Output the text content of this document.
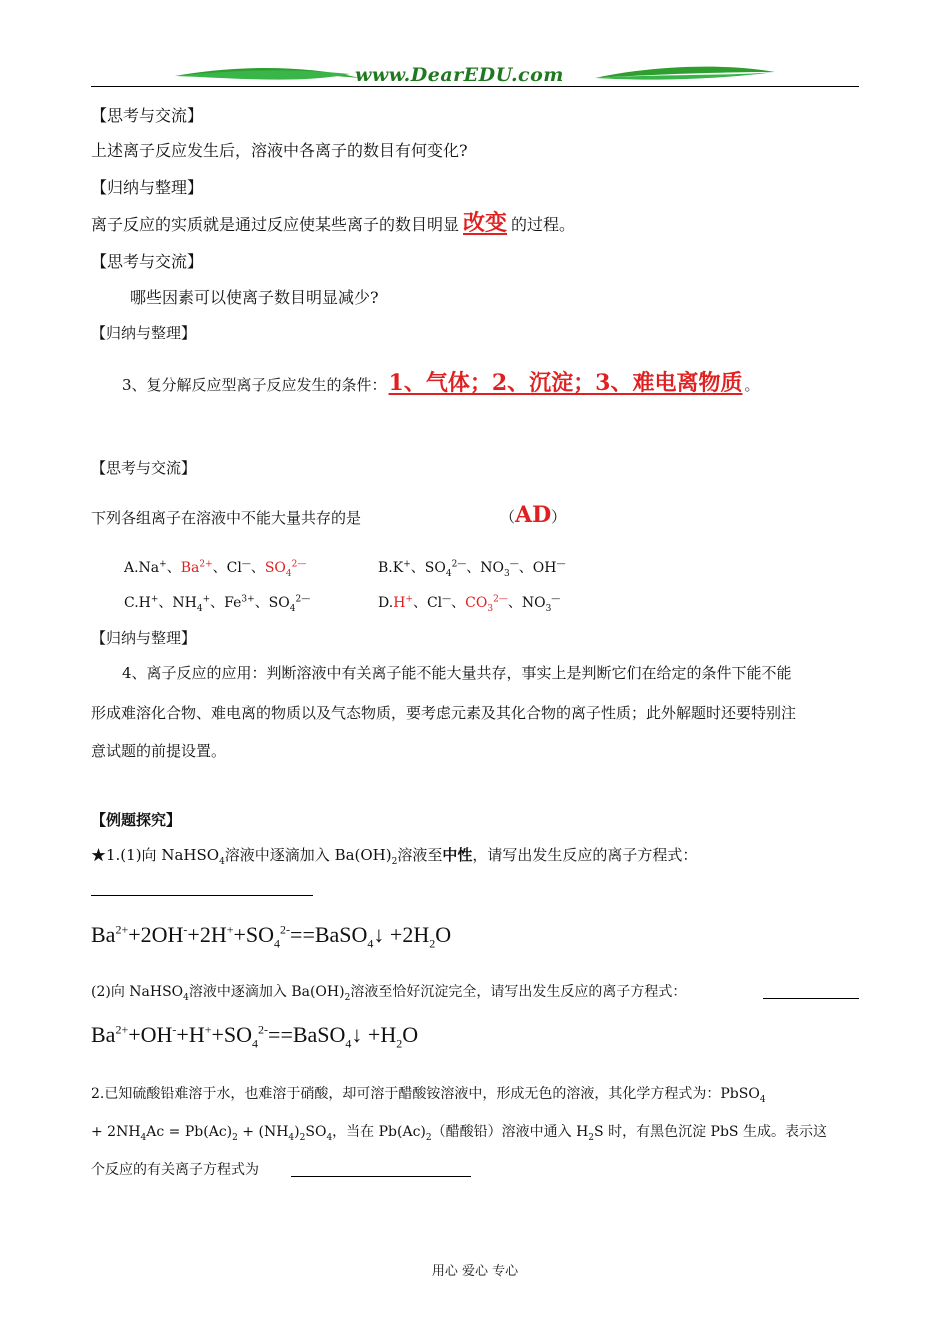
www.DearEDU.com
【思考与交流】
上述离子反应发生后，溶液中各离子的数目有何变化?
【归纳与整理】
离子反应的实质就是通过反应使某些离子的数目明显 改变 的过程。
【思考与交流】
哪些因素可以使离子数目明显减少?
【归纳与整理】
3、复分解反应型离子反应发生的条件：1、气体；2、沉淀；3、难电离物质 。
【思考与交流】
下列各组离子在溶液中不能大量共存的是	（AD）
A.Na+、$Ba^{2+}$、Cl—、$SO_4^{2—}$	B.K+、$SO_4^{2—}$、$NO_3^—$、OH—
C.H+、$NH_4^+$、$Fe^{3+}$、$SO_4^{2—}$	D.H+、Cl—、$CO_3^{2—}$、$NO_3^—$
【归纳与整理】
4、离子反应的应用：判断溶液中有关离子能不能大量共存，事实上是判断它们在给定的条件下能不能
形成难溶化合物、难电离的物质以及气态物质，要考虑元素及其化合物的离子性质；此外解题时还要特别注
意试题的前提设置。
【例题探究】
★1.(1)向 NaHSO$_4$溶液中逐滴加入 $Ba(OH)_2$溶液至中性，请写出发生反应的离子方程式：
$Ba^{2+}+2OH^-+2H^++SO_4^{2-}==BaSO_4↓ +2H_2O$
(2)向 NaHSO$_4$溶液中逐滴加入 $Ba(OH)_2$溶液至恰好沉淀完全，请写出发生反应的离子方程式：
$Ba^{2+}+OH^-+H^++SO_4^{2-}==BaSO_4↓ +H_2O$
2.已知硫酸铅难溶于水，也难溶于硝酸，却可溶于醋酸铵溶液中，形成无色的溶液，其化学方程式为：PbSO$_4$
+ $2NH_4Ac = Pb(Ac)_2 + (NH_4)_2SO_4$，当在 $Pb(Ac)_2$（醋酸铅）溶液中通入 $H_2S$ 时，有黑色沉淀 PbS 生成。表示这
个反应的有关离子方程式为
用心 爱心 专心
